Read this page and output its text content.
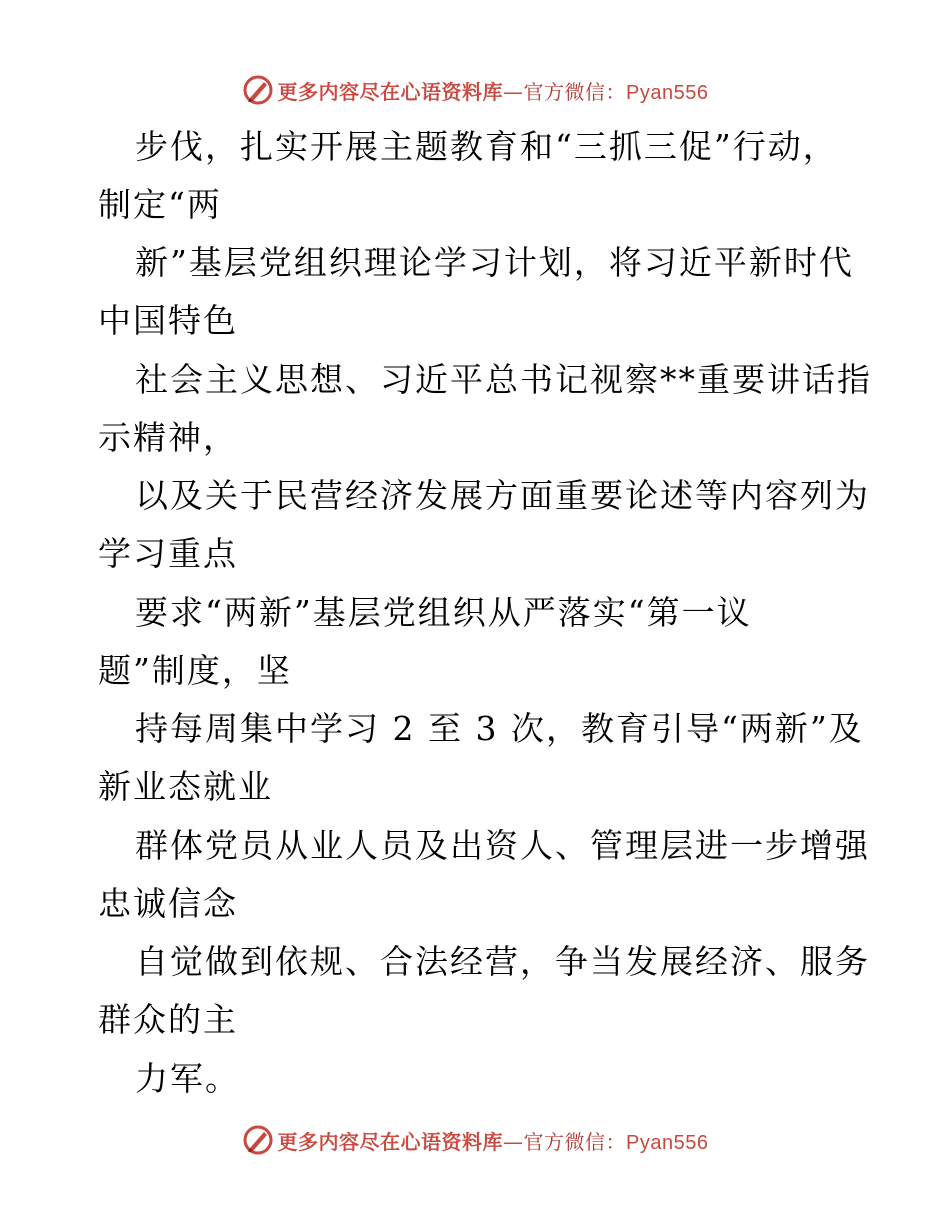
更多内容尽在心语资料库—官方微信：Pyan556
步伐，扎实开展主题教育和“三抓三促”行动，
制定“两
新”基层党组织理论学习计划，将习近平新时代
中国特色
社会主义思想、习近平总书记视察**重要讲话指
示精神，
以及关于民营经济发展方面重要论述等内容列为
学习重点
要求“两新”基层党组织从严落实“第一议
题”制度，坚
持每周集中学习 2 至 3 次，教育引导“两新”及
新业态就业
群体党员从业人员及出资人、管理层进一步增强
忠诚信念
自觉做到依规、合法经营，争当发展经济、服务
群众的主
力军。
更多内容尽在心语资料库—官方微信：Pyan556
